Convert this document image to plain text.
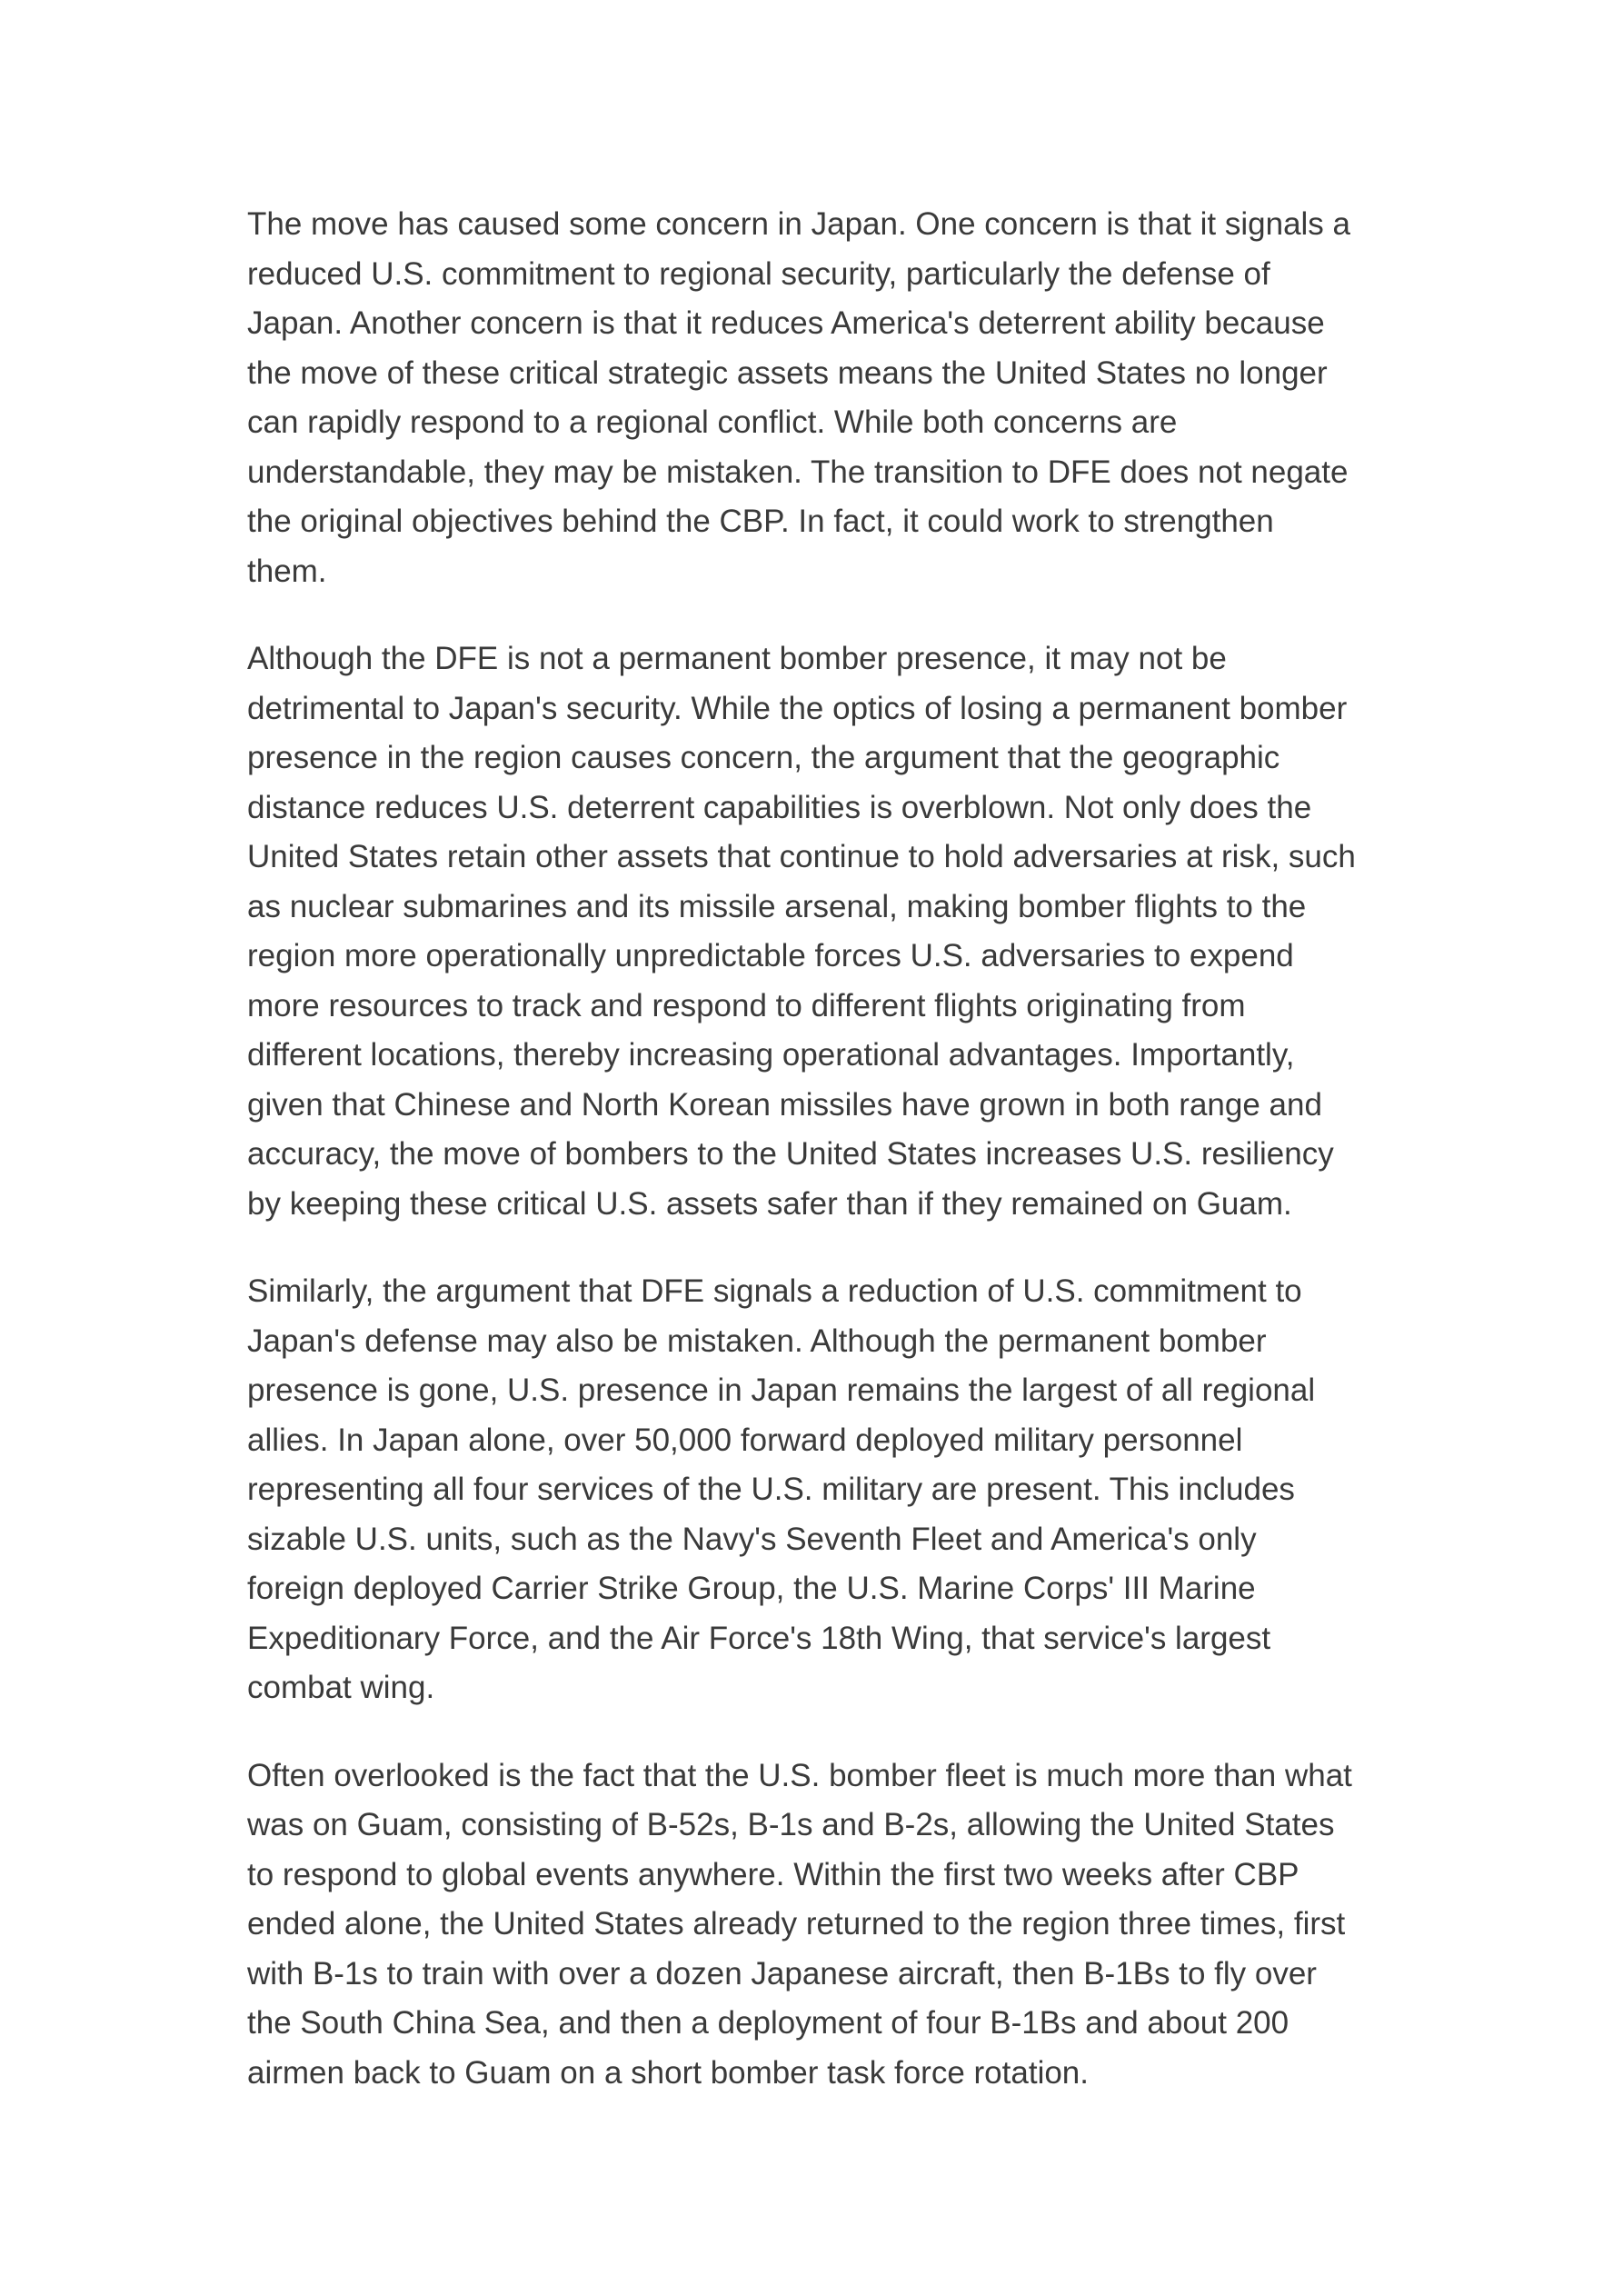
The move has caused some concern in Japan. One concern is that it signals a
reduced U.S. commitment to regional security, particularly the defense of
Japan. Another concern is that it reduces America's deterrent ability because
the move of these critical strategic assets means the United States no longer
can rapidly respond to a regional conflict. While both concerns are
understandable, they may be mistaken. The transition to DFE does not negate
the original objectives behind the CBP. In fact, it could work to strengthen
them.

Although the DFE is not a permanent bomber presence, it may not be
detrimental to Japan's security. While the optics of losing a permanent bomber
presence in the region causes concern, the argument that the geographic
distance reduces U.S. deterrent capabilities is overblown. Not only does the
United States retain other assets that continue to hold adversaries at risk, such
as nuclear submarines and its missile arsenal, making bomber flights to the
region more operationally unpredictable forces U.S. adversaries to expend
more resources to track and respond to different flights originating from
different locations, thereby increasing operational advantages. Importantly,
given that Chinese and North Korean missiles have grown in both range and
accuracy, the move of bombers to the United States increases U.S. resiliency
by keeping these critical U.S. assets safer than if they remained on Guam.

Similarly, the argument that DFE signals a reduction of U.S. commitment to
Japan's defense may also be mistaken. Although the permanent bomber
presence is gone, U.S. presence in Japan remains the largest of all regional
allies. In Japan alone, over 50,000 forward deployed military personnel
representing all four services of the U.S. military are present. This includes
sizable U.S. units, such as the Navy's Seventh Fleet and America's only
foreign deployed Carrier Strike Group, the U.S. Marine Corps' III Marine
Expeditionary Force, and the Air Force's 18th Wing, that service's largest
combat wing.

Often overlooked is the fact that the U.S. bomber fleet is much more than what
was on Guam, consisting of B-52s, B-1s and B-2s, allowing the United States
to respond to global events anywhere. Within the first two weeks after CBP
ended alone, the United States already returned to the region three times, first
with B-1s to train with over a dozen Japanese aircraft, then B-1Bs to fly over
the South China Sea, and then a deployment of four B-1Bs and about 200
airmen back to Guam on a short bomber task force rotation.
